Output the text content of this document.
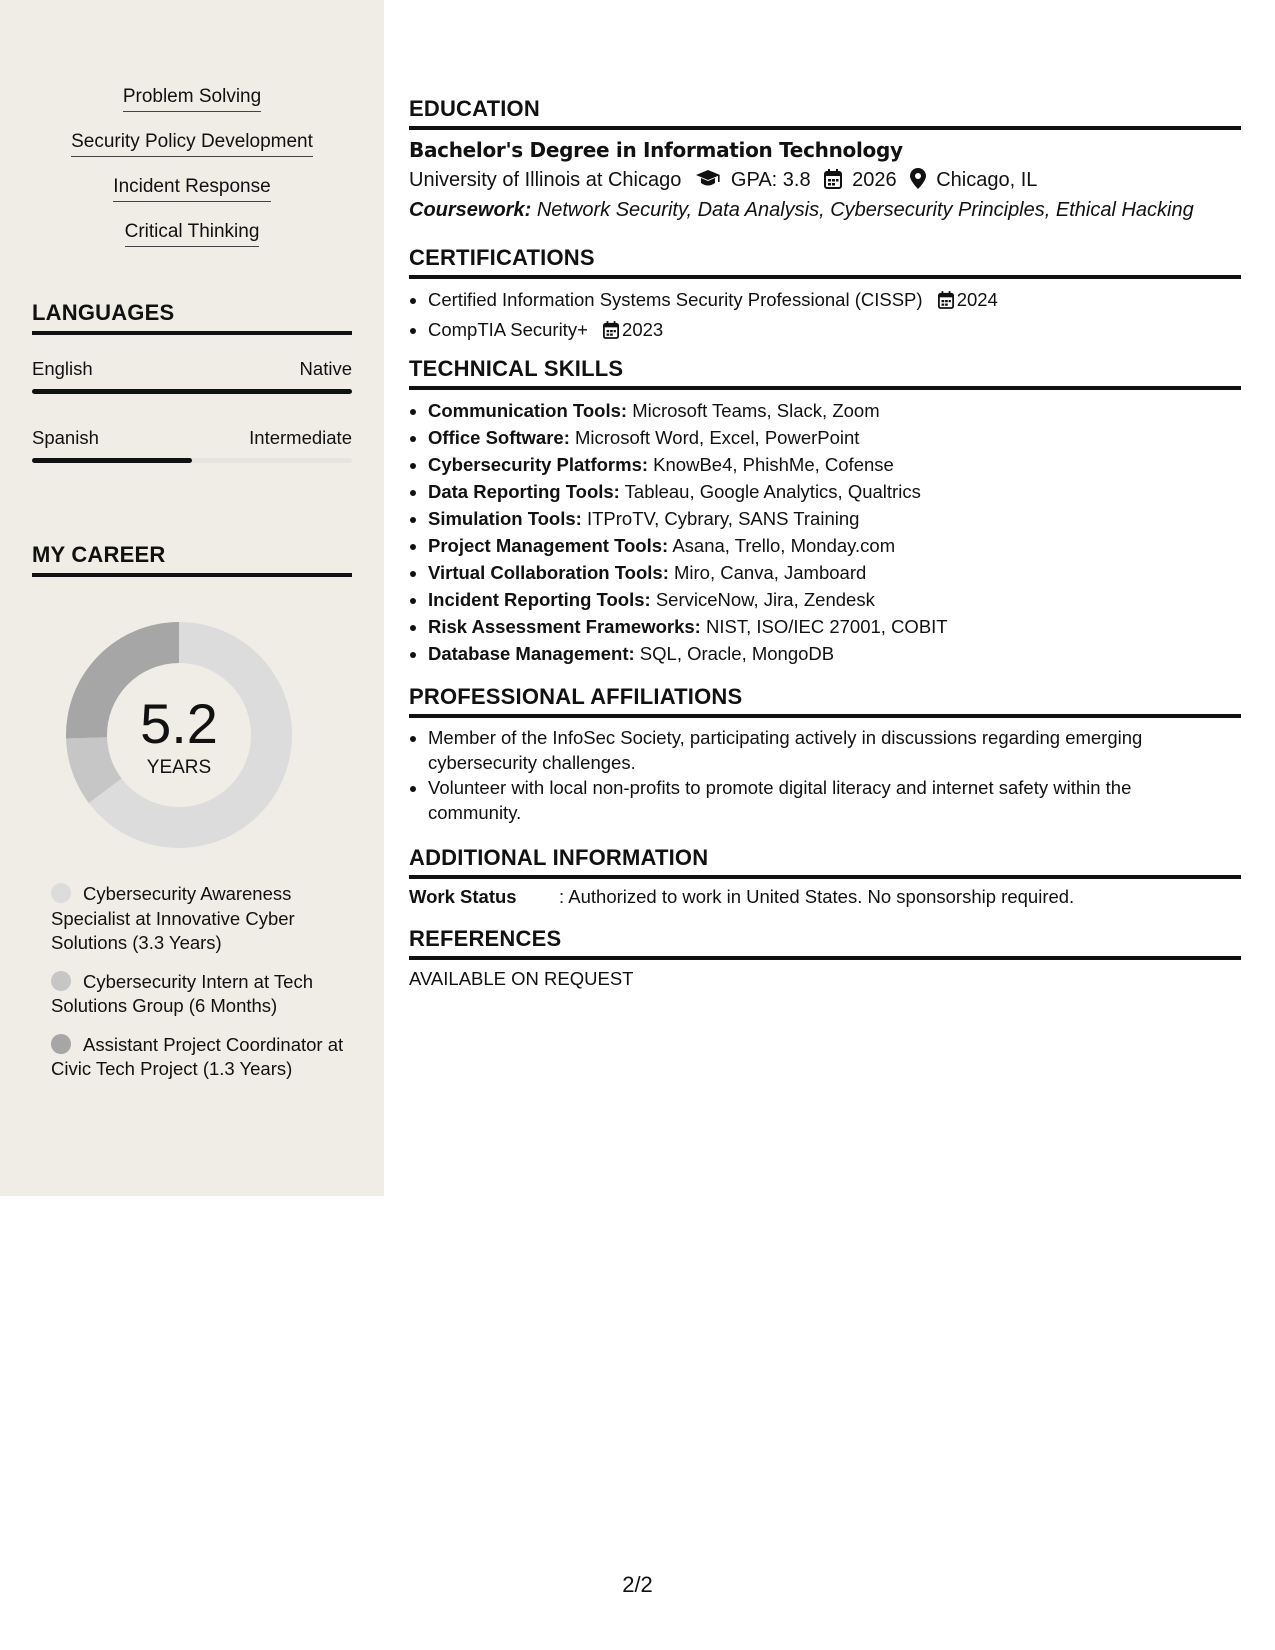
Problem Solving
Security Policy Development
Incident Response
Critical Thinking
LANGUAGES
English	Native
Spanish	Intermediate
MY CAREER
5.2
YEARS
Cybersecurity Awareness Specialist at Innovative Cyber Solutions (3.3 Years)
Cybersecurity Intern at Tech Solutions Group (6 Months)
Assistant Project Coordinator at Civic Tech Project (1.3 Years)
EDUCATION
Bachelor's Degree in Information Technology
University of Illinois at Chicago GPA: 3.8 2026 Chicago, IL
Coursework: Network Security, Data Analysis, Cybersecurity Principles, Ethical Hacking
CERTIFICATIONS
• Certified Information Systems Security Professional (CISSP) 2024
• CompTIA Security+ 2023
TECHNICAL SKILLS
• Communication Tools: Microsoft Teams, Slack, Zoom
• Office Software: Microsoft Word, Excel, PowerPoint
• Cybersecurity Platforms: KnowBe4, PhishMe, Cofense
• Data Reporting Tools: Tableau, Google Analytics, Qualtrics
• Simulation Tools: ITProTV, Cybrary, SANS Training
• Project Management Tools: Asana, Trello, Monday.com
• Virtual Collaboration Tools: Miro, Canva, Jamboard
• Incident Reporting Tools: ServiceNow, Jira, Zendesk
• Risk Assessment Frameworks: NIST, ISO/IEC 27001, COBIT
• Database Management: SQL, Oracle, MongoDB
PROFESSIONAL AFFILIATIONS
• Member of the InfoSec Society, participating actively in discussions regarding emerging cybersecurity challenges.
• Volunteer with local non-profits to promote digital literacy and internet safety within the community.
ADDITIONAL INFORMATION
Work Status : Authorized to work in United States. No sponsorship required.
REFERENCES
AVAILABLE ON REQUEST
2/2
